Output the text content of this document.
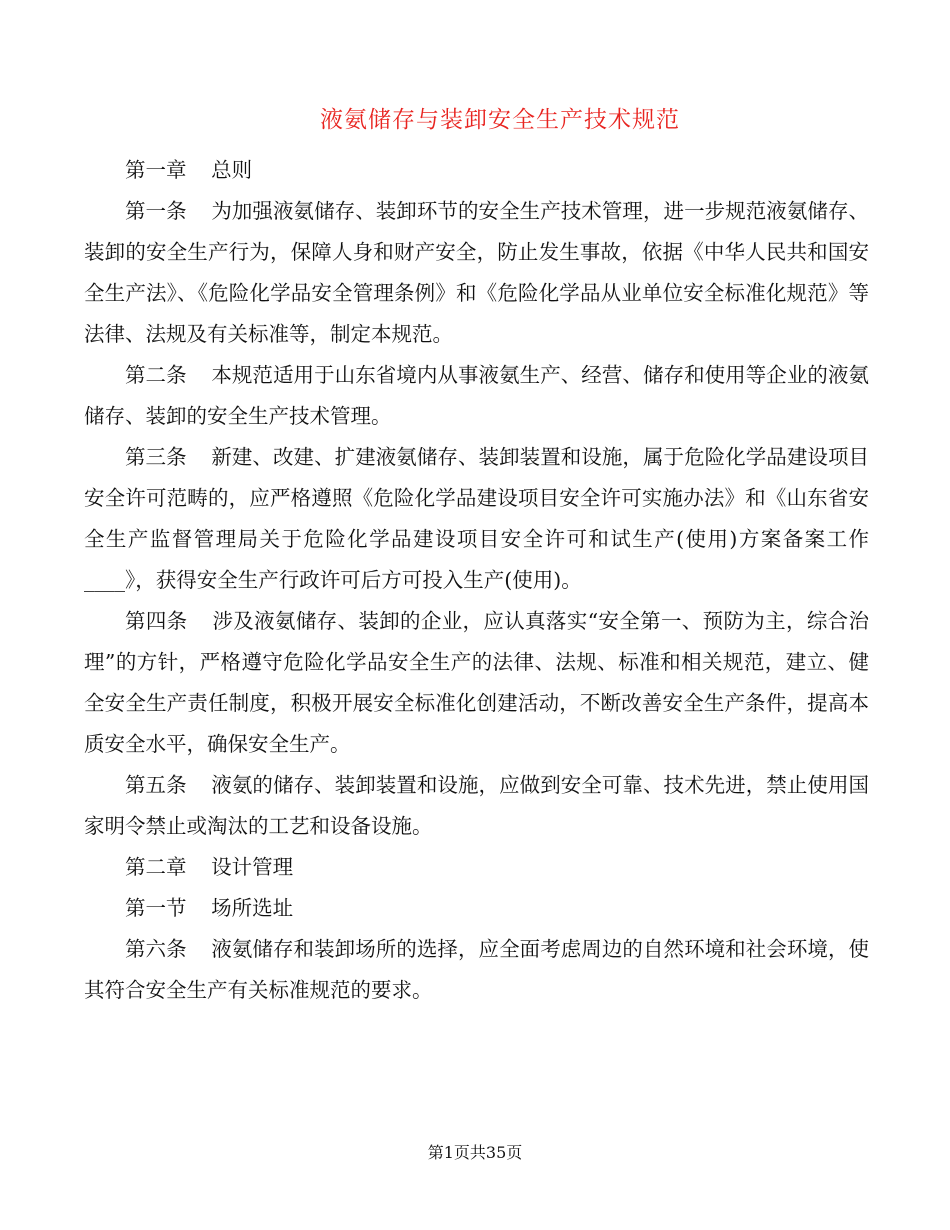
液氨储存与装卸安全生产技术规范

第一章 总则

第一条 为加强液氨储存、装卸环节的安全生产技术管理，进一步规范液氨储存、装卸的安全生产行为，保障人身和财产安全，防止发生事故，依据《中华人民共和国安全生产法》、《危险化学品安全管理条例》和《危险化学品从业单位安全标准化规范》等法律、法规及有关标准等，制定本规范。

第二条 本规范适用于山东省境内从事液氨生产、经营、储存和使用等企业的液氨储存、装卸的安全生产技术管理。

第三条 新建、改建、扩建液氨储存、装卸装置和设施，属于危险化学品建设项目安全许可范畴的，应严格遵照《危险化学品建设项目安全许可实施办法》和《山东省安全生产监督管理局关于危险化学品建设项目安全许可和试生产(使用)方案备案工作____》，获得安全生产行政许可后方可投入生产(使用)。

第四条 涉及液氨储存、装卸的企业，应认真落实“安全第一、预防为主，综合治理”的方针，严格遵守危险化学品安全生产的法律、法规、标准和相关规范，建立、健全安全生产责任制度，积极开展安全标准化创建活动，不断改善安全生产条件，提高本质安全水平，确保安全生产。

第五条 液氨的储存、装卸装置和设施，应做到安全可靠、技术先进，禁止使用国家明令禁止或淘汰的工艺和设备设施。

第二章 设计管理

第一节 场所选址

第六条 液氨储存和装卸场所的选择，应全面考虑周边的自然环境和社会环境，使其符合安全生产有关标准规范的要求。

第1页共35页
